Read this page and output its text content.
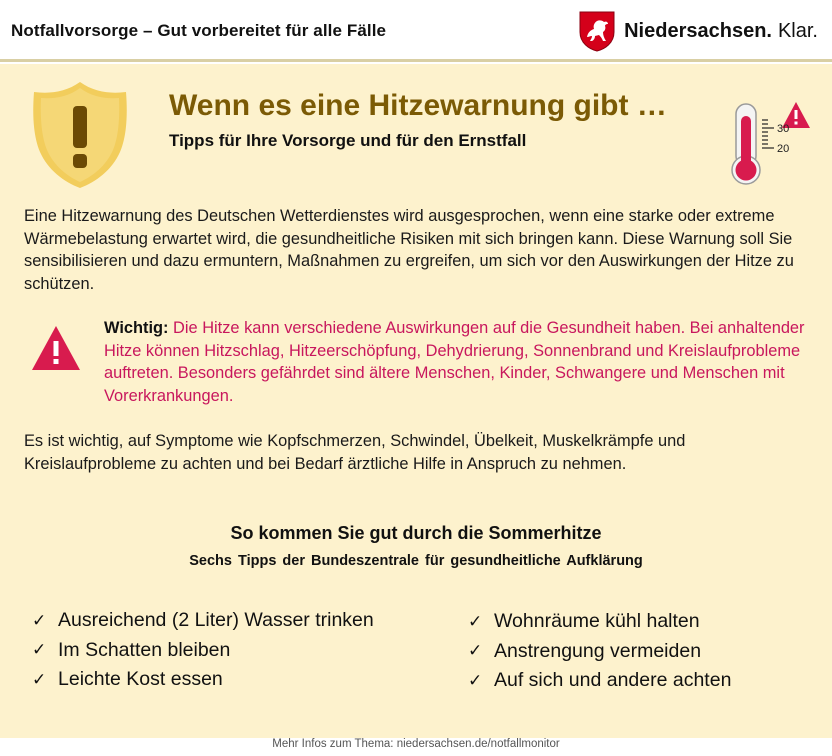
Notfallvorsorge – Gut vorbereitet für alle Fälle	Niedersachsen. Klar.
Wenn es eine Hitzewarnung gibt …
Tipps für Ihre Vorsorge und für den Ernstfall
30
20

Eine Hitzewarnung des Deutschen Wetterdienstes wird ausgesprochen, wenn eine starke oder extreme Wärmebelastung erwartet wird, die gesundheitliche Risiken mit sich bringen kann. Diese Warnung soll Sie sensibilisieren und dazu ermuntern, Maßnahmen zu ergreifen, um sich vor den Auswirkungen der Hitze zu schützen.

Wichtig: Die Hitze kann verschiedene Auswirkungen auf die Gesundheit haben. Bei anhaltender Hitze können Hitzschlag, Hitzeerschöpfung, Dehydrierung, Sonnenbrand und Kreislaufprobleme auftreten. Besonders gefährdet sind ältere Menschen, Kinder, Schwangere und Menschen mit Vorerkrankungen.

Es ist wichtig, auf Symptome wie Kopfschmerzen, Schwindel, Übelkeit, Muskelkrämpfe und Kreislaufprobleme zu achten und bei Bedarf ärztliche Hilfe in Anspruch zu nehmen.

So kommen Sie gut durch die Sommerhitze
Sechs Tipps der Bundeszentrale für gesundheitliche Aufklärung
✓ Ausreichend (2 Liter) Wasser trinken
✓ Im Schatten bleiben
✓ Leichte Kost essen
✓ Wohnräume kühl halten
✓ Anstrengung vermeiden
✓ Auf sich und andere achten
Mehr Infos zum Thema: niedersachsen.de/notfallmonitor
